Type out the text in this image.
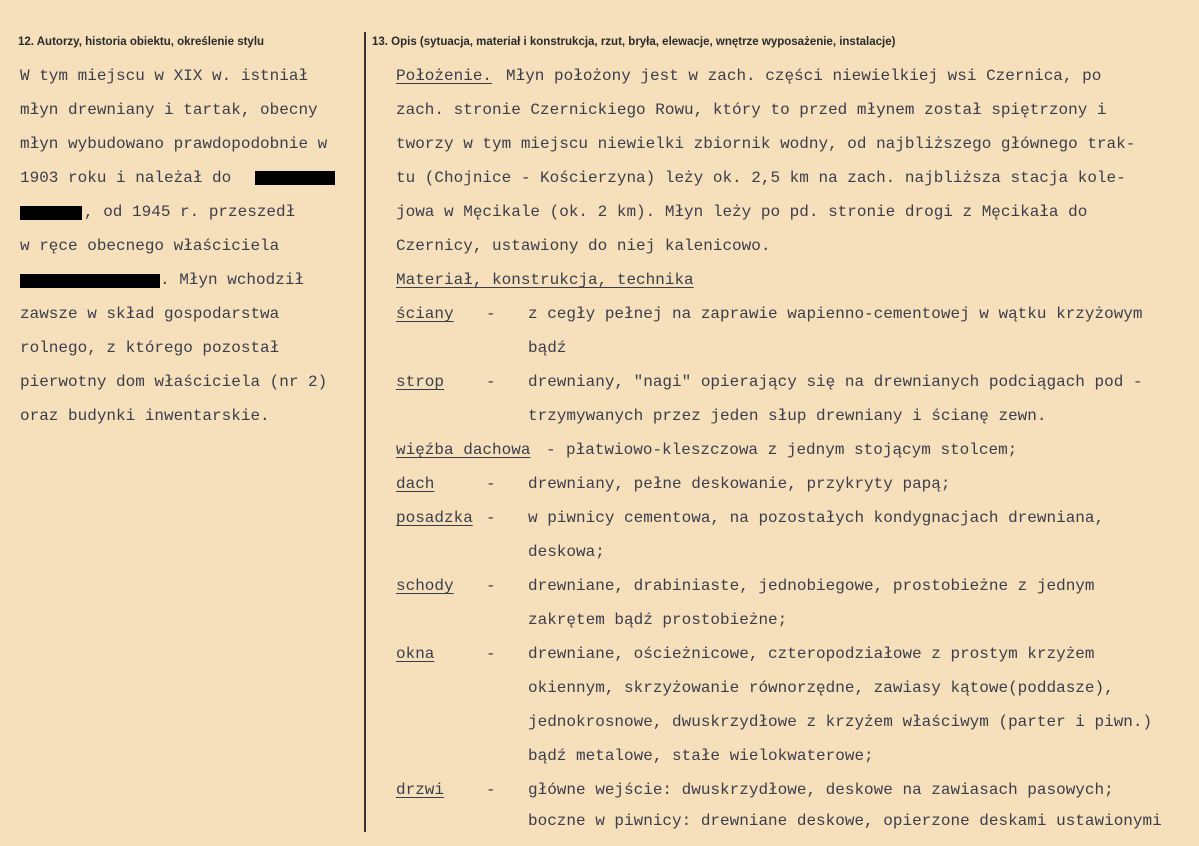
12. Autorzy, historia obiektu, określenie stylu
W tym miejscu w XIX w. istniał
młyn drewniany i tartak, obecny
młyn wybudowano prawdopodobnie w
1903 roku i należał do
, od 1945 r. przeszedł
w ręce obecnego właściciela
. Młyn wchodził
zawsze w skład gospodarstwa
rolnego, z którego pozostał
pierwotny dom właściciela (nr 2)
oraz budynki inwentarskie.
13. Opis (sytuacja, materiał i konstrukcja, rzut, bryła, elewacje, wnętrze wyposażenie, instalacje)
Położenie. Młyn położony jest w zach. części niewielkiej wsi Czernica, po
zach. stronie Czernickiego Rowu, który to przed młynem został spiętrzony i
tworzy w tym miejscu niewielki zbiornik wodny, od najbliższego głównego trak-
tu (Chojnice - Kościerzyna) leży ok. 2,5 km na zach. najbliższa stacja kole-
jowa w Męcikale (ok. 2 km). Młyn leży po pd. stronie drogi z Męcikała do
Czernicy, ustawiony do niej kalenicowo.
Materiał, konstrukcja, technika
ściany - z cegły pełnej na zaprawie wapienno-cementowej w wątku krzyżowym
bądź
strop	- drewniany, "nagi" opierający się na drewnianych podciągach pod -
trzymywanych przez jeden słup drewniany i ścianę zewn.
więźba dachowa - płatwiowo-kleszczowa z jednym stojącym stolcem;
dach	- drewniany, pełne deskowanie, przykryty papą;
posadzka - w piwnicy cementowa, na pozostałych kondygnacjach drewniana,
deskowa;
schody - drewniane, drabiniaste, jednobiegowe, prostobieżne z jednym
zakrętem bądź prostobieżne;
okna	- drewniane, ościeżnicowe, czteropodziałowe z prostym krzyżem
okiennym, skrzyżowanie równorzędne, zawiasy kątowe(poddasze),
jednokrosnowe, dwuskrzydłowe z krzyżem właściwym (parter i piwn.)
bądź metalowe, stałe wielokwaterowe;
drzwi	- główne wejście: dwuskrzydłowe, deskowe na zawiasach pasowych;
boczne w piwnicy: drewniane deskowe, opierzone deskami ustawionymi
